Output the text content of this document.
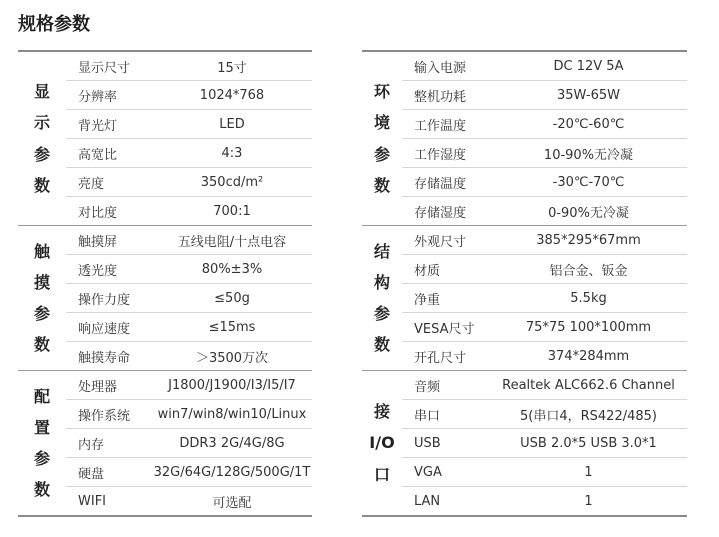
规格参数
显
示
参
数	显示尺寸	15寸
	分辨率	1024*768
	背光灯	LED
	高宽比	4:3
	亮度	350cd/m²
	对比度	700:1

触
摸
参
数	触摸屏	五线电阻/十点电容
	透光度	80%±3%
	操作力度	≤50g
	响应速度	≤15ms
	触摸寿命	＞3500万次

配
置
参
数	处理器	J1800/J1900/I3/I5/I7
	操作系统	win7/win8/win10/Linux
	内存	DDR3 2G/4G/8G
	硬盘	32G/64G/128G/500G/1T
	WIFI	可选配
环
境
参
数	输入电源	DC 12V 5A
	整机功耗	35W-65W
	工作温度	-20℃-60℃
	工作湿度	10-90%无冷凝
	存储温度	-30℃-70℃
	存储湿度	0-90%无冷凝

结
构
参
数	外观尺寸	385*295*67mm
	材质	铝合金、钣金
	净重	5.5kg
	VESA尺寸	75*75 100*100mm
	开孔尺寸	374*284mm

接
I/O
口	音频	Realtek ALC662.6 Channel
	串口	5(串口4，RS422/485)
	USB	USB 2.0*5 USB 3.0*1
	VGA	1
	LAN	1
